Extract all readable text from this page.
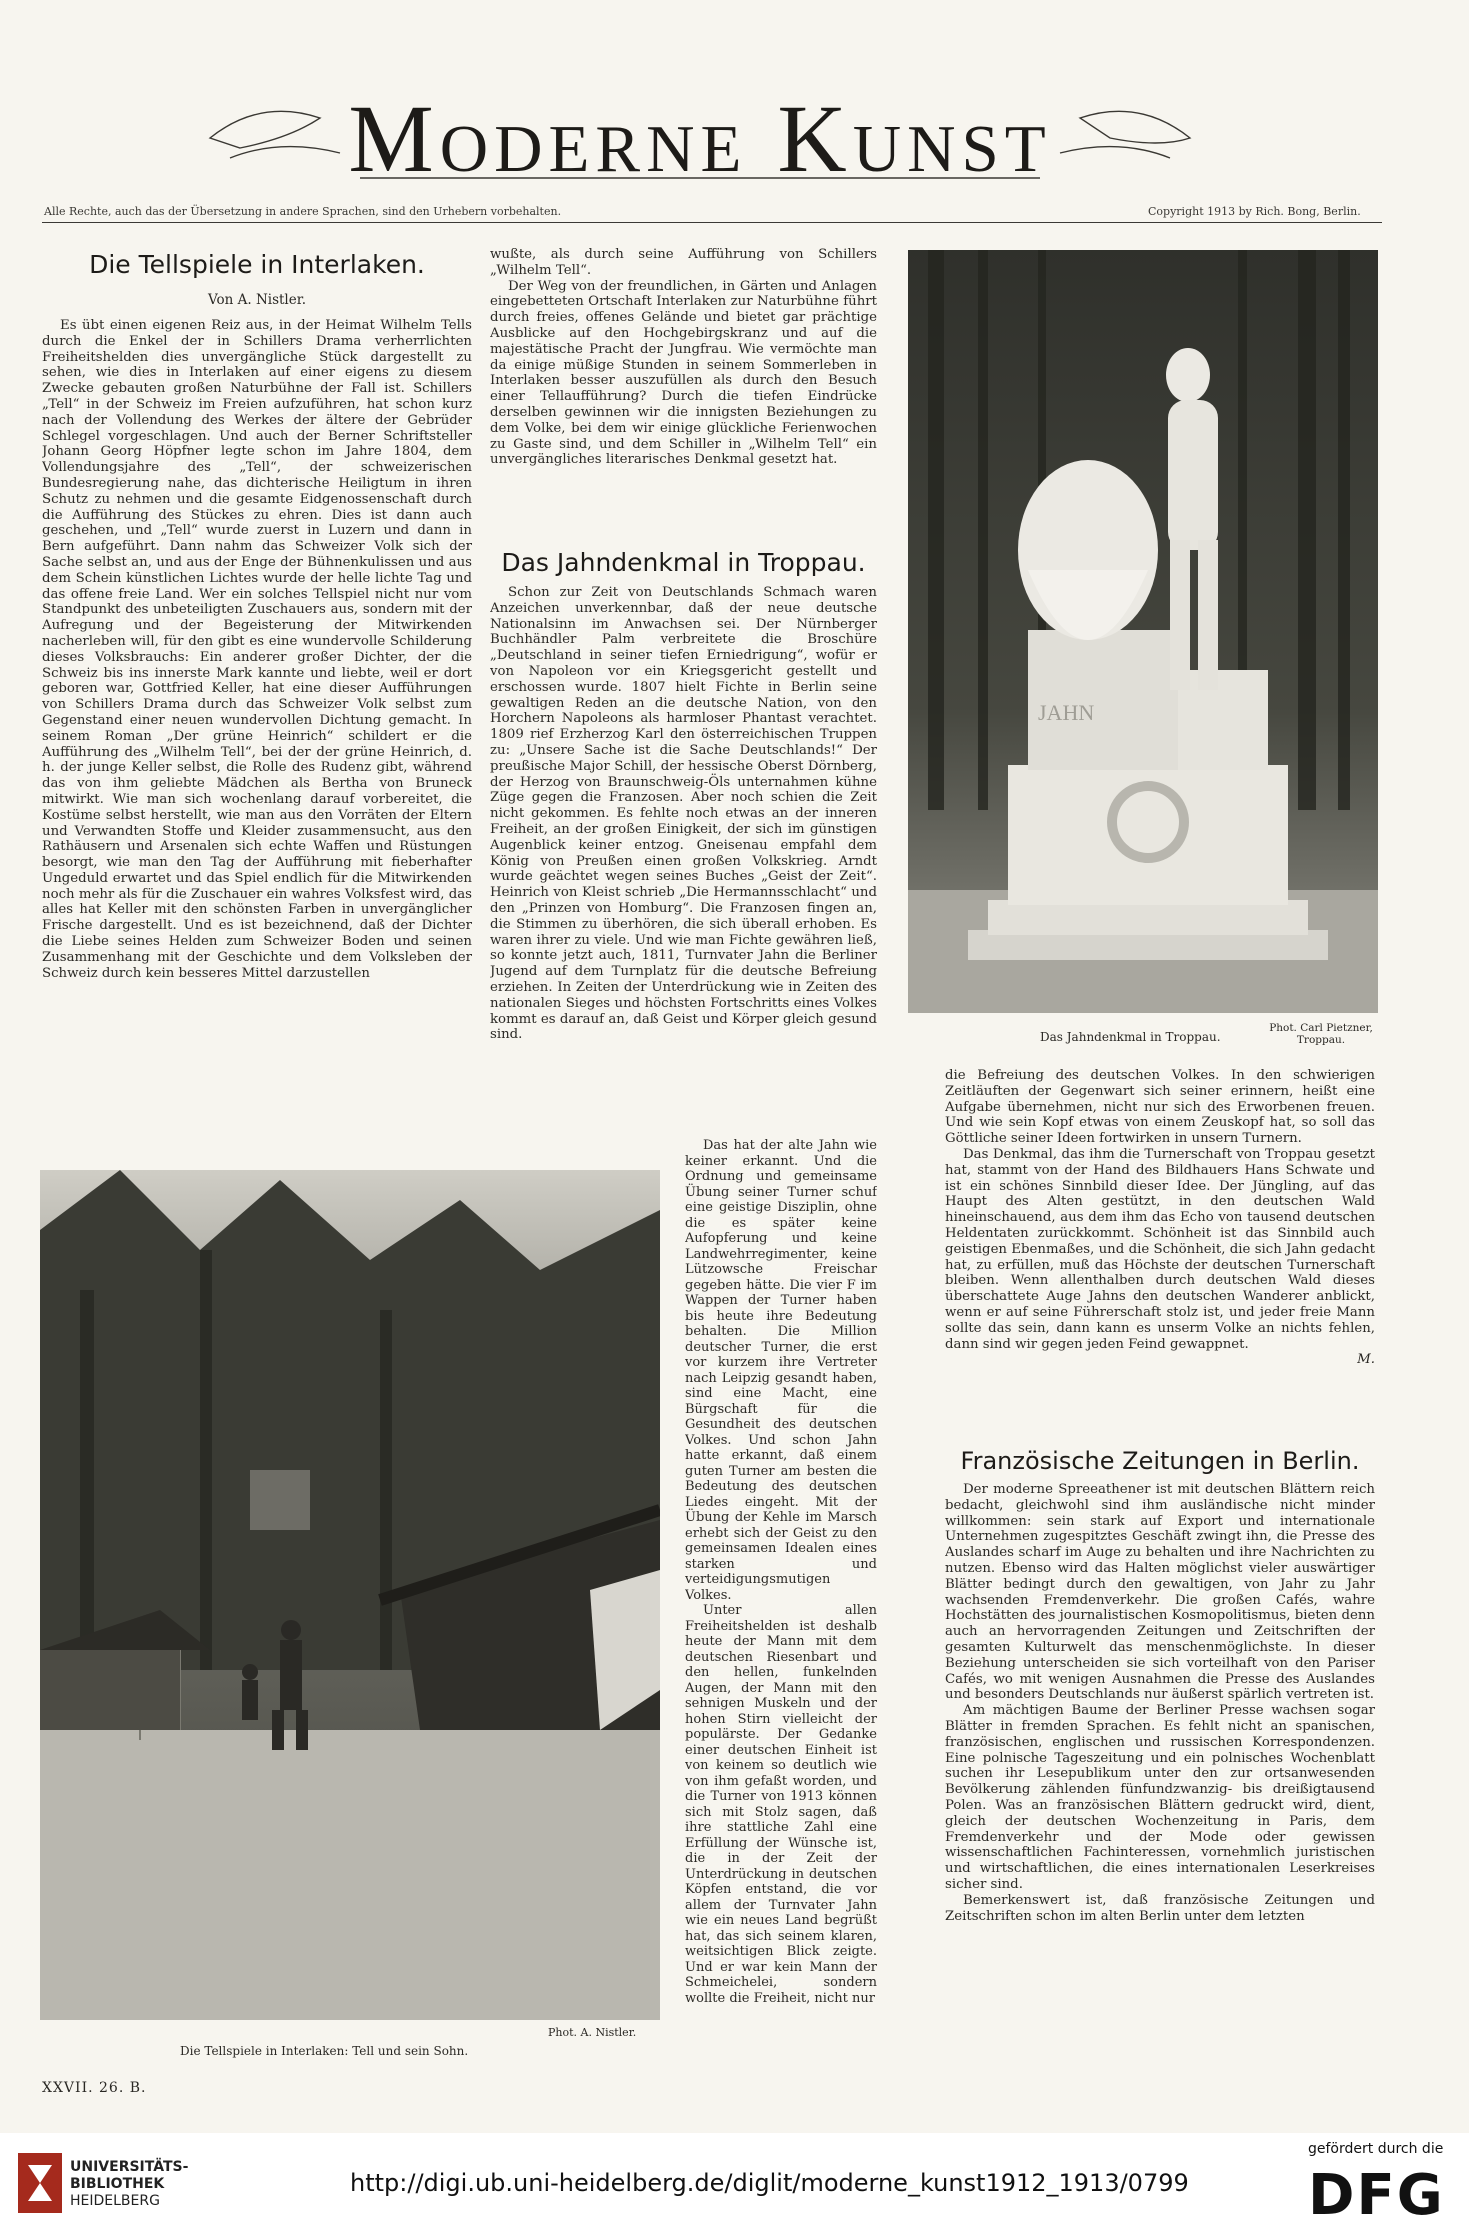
Moderne Kunst
Alle Rechte, auch das der Übersetzung in andere Sprachen, sind den Urhebern vorbehalten.	Copyright 1913 by Rich. Bong, Berlin.
Die Tellspiele in Interlaken.
Von A. Nistler.

Es übt einen eigenen Reiz aus, in der Heimat Wilhelm Tells durch die Enkel der in Schillers Drama verherrlichten Freiheitshelden dies unvergängliche Stück dargestellt zu sehen, wie dies in Interlaken auf einer eigens zu diesem Zwecke gebauten großen Naturbühne der Fall ist. Schillers „Tell“ in der Schweiz im Freien aufzuführen, hat schon kurz nach der Vollendung des Werkes der ältere der Gebrüder Schlegel vorgeschlagen. Und auch der Berner Schriftsteller Johann Georg Höpfner legte schon im Jahre 1804, dem Vollendungsjahre des „Tell“, der schweizerischen Bundesregierung nahe, das dichterische Heiligtum in ihren Schutz zu nehmen und die gesamte Eidgenossenschaft durch die Aufführung des Stückes zu ehren. Dies ist dann auch geschehen, und „Tell“ wurde zuerst in Luzern und dann in Bern aufgeführt. Dann nahm das Schweizer Volk sich der Sache selbst an, und aus der Enge der Bühnenkulissen und aus dem Schein künstlichen Lichtes wurde der helle lichte Tag und das offene freie Land. Wer ein solches Tellspiel nicht nur vom Standpunkt des unbeteiligten Zuschauers aus, sondern mit der Aufregung und der Begeisterung der Mitwirkenden nacherleben will, für den gibt es eine wundervolle Schilderung dieses Volksbrauchs: Ein anderer großer Dichter, der die Schweiz bis ins innerste Mark kannte und liebte, weil er dort geboren war, Gottfried Keller, hat eine dieser Aufführungen von Schillers Drama durch das Schweizer Volk selbst zum Gegenstand einer neuen wundervollen Dichtung gemacht. In seinem Roman „Der grüne Heinrich“ schildert er die Aufführung des „Wilhelm Tell“, bei der der grüne Heinrich, d. h. der junge Keller selbst, die Rolle des Rudenz gibt, während das von ihm geliebte Mädchen als Bertha von Bruneck mitwirkt. Wie man sich wochenlang darauf vorbereitet, die Kostüme selbst herstellt, wie man aus den Vorräten der Eltern und Verwandten Stoffe und Kleider zusammensucht, aus den Rathäusern und Arsenalen sich echte Waffen und Rüstungen besorgt, wie man den Tag der Aufführung mit fieberhafter Ungeduld erwartet und das Spiel endlich für die Mitwirkenden noch mehr als für die Zuschauer ein wahres Volksfest wird, das alles hat Keller mit den schönsten Farben in unvergänglicher Frische dargestellt. Und es ist bezeichnend, daß der Dichter die Liebe seines Helden zum Schweizer Boden und seinen Zusammenhang mit der Geschichte und dem Volksleben der Schweiz durch kein besseres Mittel darzustellen

wußte, als durch seine Aufführung von Schillers „Wilhelm Tell“.

Der Weg von der freundlichen, in Gärten und Anlagen eingebetteten Ortschaft Interlaken zur Naturbühne führt durch freies, offenes Gelände und bietet gar prächtige Ausblicke auf den Hochgebirgskranz und auf die majestätische Pracht der Jungfrau. Wie vermöchte man da einige müßige Stunden in seinem Sommerleben in Interlaken besser auszufüllen als durch den Besuch einer Tellaufführung? Durch die tiefen Eindrücke derselben gewinnen wir die innigsten Beziehungen zu dem Volke, bei dem wir einige glückliche Ferienwochen zu Gaste sind, und dem Schiller in „Wilhelm Tell“ ein unvergängliches literarisches Denkmal gesetzt hat.

Das Jahndenkmal in Troppau.

Schon zur Zeit von Deutschlands Schmach waren Anzeichen unverkennbar, daß der neue deutsche Nationalsinn im Anwachsen sei. Der Nürnberger Buchhändler Palm verbreitete die Broschüre „Deutschland in seiner tiefen Erniedrigung“, wofür er von Napoleon vor ein Kriegsgericht gestellt und erschossen wurde. 1807 hielt Fichte in Berlin seine gewaltigen Reden an die deutsche Nation, von den Horchern Napoleons als harmloser Phantast verachtet. 1809 rief Erzherzog Karl den österreichischen Truppen zu: „Unsere Sache ist die Sache Deutschlands!“ Der preußische Major Schill, der hessische Oberst Dörnberg, der Herzog von Braunschweig-Öls unternahmen kühne Züge gegen die Franzosen. Aber noch schien die Zeit nicht gekommen. Es fehlte noch etwas an der inneren Freiheit, an der großen Einigkeit, der sich im günstigen Augenblick keiner entzog. Gneisenau empfahl dem König von Preußen einen großen Volkskrieg. Arndt wurde geächtet wegen seines Buches „Geist der Zeit“. Heinrich von Kleist schrieb „Die Hermannsschlacht“ und den „Prinzen von Homburg“. Die Franzosen fingen an, die Stimmen zu überhören, die sich überall erhoben. Es waren ihrer zu viele. Und wie man Fichte gewähren ließ, so konnte jetzt auch, 1811, Turnvater Jahn die Berliner Jugend auf dem Turnplatz für die deutsche Befreiung erziehen. In Zeiten der Unterdrückung wie in Zeiten des nationalen Sieges und höchsten Fortschritts eines Volkes kommt es darauf an, daß Geist und Körper gleich gesund sind.

JAHN
Das Jahndenkmal in Troppau.
Phot. Carl Pietzner, Troppau.

Das hat der alte Jahn wie keiner erkannt. Und die Ordnung und gemeinsame Übung seiner Turner schuf eine geistige Disziplin, ohne die es später keine Aufopferung und keine Landwehrregimenter, keine Lützowsche Freischar gegeben hätte. Die vier F im Wappen der Turner haben bis heute ihre Bedeutung behalten. Die Million deutscher Turner, die erst vor kurzem ihre Vertreter nach Leipzig gesandt haben, sind eine Macht, eine Bürgschaft für die Gesundheit des deutschen Volkes. Und schon Jahn hatte erkannt, daß einem guten Turner am besten die Bedeutung des deutschen Liedes eingeht. Mit der Übung der Kehle im Marsch erhebt sich der Geist zu den gemeinsamen Idealen eines starken und verteidigungsmutigen Volkes.

Unter allen Freiheitshelden ist deshalb heute der Mann mit dem deutschen Riesenbart und den hellen, funkelnden Augen, der Mann mit den sehnigen Muskeln und der hohen Stirn vielleicht der populärste. Der Gedanke einer deutschen Einheit ist von keinem so deutlich wie von ihm gefaßt worden, und die Turner von 1913 können sich mit Stolz sagen, daß ihre stattliche Zahl eine Erfüllung der Wünsche ist, die in der Zeit der Unterdrückung in deutschen Köpfen entstand, die vor allem der Turnvater Jahn wie ein neues Land begrüßt hat, das sich seinem klaren, weitsichtigen Blick zeigte. Und er war kein Mann der Schmeichelei, sondern wollte die Freiheit, nicht nur

die Befreiung des deutschen Volkes. In den schwierigen Zeitläuften der Gegenwart sich seiner erinnern, heißt eine Aufgabe übernehmen, nicht nur sich des Erworbenen freuen. Und wie sein Kopf etwas von einem Zeuskopf hat, so soll das Göttliche seiner Ideen fortwirken in unsern Turnern.

Das Denkmal, das ihm die Turnerschaft von Troppau gesetzt hat, stammt von der Hand des Bildhauers Hans Schwate und ist ein schönes Sinnbild dieser Idee. Der Jüngling, auf das Haupt des Alten gestützt, in den deutschen Wald hineinschauend, aus dem ihm das Echo von tausend deutschen Heldentaten zurückkommt. Schönheit ist das Sinnbild auch geistigen Ebenmaßes, und die Schönheit, die sich Jahn gedacht hat, zu erfüllen, muß das Höchste der deutschen Turnerschaft bleiben. Wenn allenthalben durch deutschen Wald dieses überschattete Auge Jahns den deutschen Wanderer anblickt, wenn er auf seine Führerschaft stolz ist, und jeder freie Mann sollte das sein, dann kann es unserm Volke an nichts fehlen, dann sind wir gegen jeden Feind gewappnet.

M.
Französische Zeitungen in Berlin.

Der moderne Spreeathener ist mit deutschen Blättern reich bedacht, gleichwohl sind ihm ausländische nicht minder willkommen: sein stark auf Export und internationale Unternehmen zugespitztes Geschäft zwingt ihn, die Presse des Auslandes scharf im Auge zu behalten und ihre Nachrichten zu nutzen. Ebenso wird das Halten möglichst vieler auswärtiger Blätter bedingt durch den gewaltigen, von Jahr zu Jahr wachsenden Fremdenverkehr. Die großen Cafés, wahre Hochstätten des journalistischen Kosmopolitismus, bieten denn auch an hervorragenden Zeitungen und Zeitschriften der gesamten Kulturwelt das menschenmöglichste. In dieser Beziehung unterscheiden sie sich vorteilhaft von den Pariser Cafés, wo mit wenigen Ausnahmen die Presse des Auslandes und besonders Deutschlands nur äußerst spärlich vertreten ist.

Am mächtigen Baume der Berliner Presse wachsen sogar Blätter in fremden Sprachen. Es fehlt nicht an spanischen, französischen, englischen und russischen Korrespondenzen. Eine polnische Tageszeitung und ein polnisches Wochenblatt suchen ihr Lesepublikum unter den zur ortsanwesenden Bevölkerung zählenden fünfundzwanzig- bis dreißigtausend Polen. Was an französischen Blättern gedruckt wird, dient, gleich der deutschen Wochenzeitung in Paris, dem Fremdenverkehr und der Mode oder gewissen wissenschaftlichen Fachinteressen, vornehmlich juristischen und wirtschaftlichen, die eines internationalen Leserkreises sicher sind.

Bemerkenswert ist, daß französische Zeitungen und Zeitschriften schon im alten Berlin unter dem letzten

Phot. A. Nistler.
Die Tellspiele in Interlaken: Tell und sein Sohn.
XXVII. 26. B.
UNIVERSITÄTS-
BIBLIOTHEK
HEIDELBERG
http://digi.ub.uni-heidelberg.de/diglit/moderne_kunst1912_1913/0799
gefördert durch die
DFG
